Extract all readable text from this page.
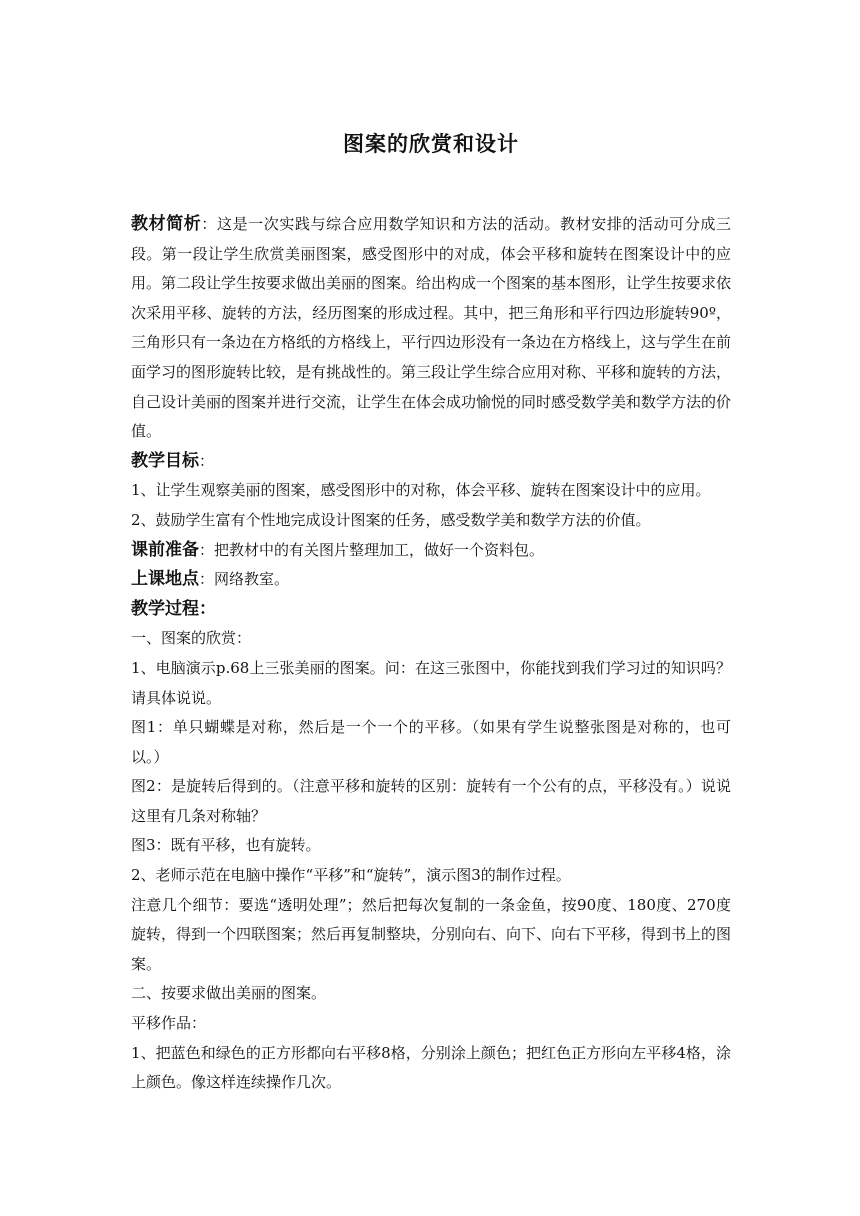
图案的欣赏和设计

教材简析：这是一次实践与综合应用数学知识和方法的活动。教材安排的活动可分成三段。第一段让学生欣赏美丽图案，感受图形中的对成，体会平移和旋转在图案设计中的应用。第二段让学生按要求做出美丽的图案。给出构成一个图案的基本图形，让学生按要求依次采用平移、旋转的方法，经历图案的形成过程。其中，把三角形和平行四边形旋转90º，三角形只有一条边在方格纸的方格线上，平行四边形没有一条边在方格线上，这与学生在前面学习的图形旋转比较，是有挑战性的。第三段让学生综合应用对称、平移和旋转的方法，自己设计美丽的图案并进行交流，让学生在体会成功愉悦的同时感受数学美和数学方法的价值。

教学目标：

1、让学生观察美丽的图案，感受图形中的对称，体会平移、旋转在图案设计中的应用。

2、鼓励学生富有个性地完成设计图案的任务，感受数学美和数学方法的价值。

课前准备：把教材中的有关图片整理加工，做好一个资料包。

上课地点：网络教室。

教学过程：

一、图案的欣赏：

1、电脑演示p.68上三张美丽的图案。问：在这三张图中，你能找到我们学习过的知识吗？请具体说说。

图1：单只蝴蝶是对称，然后是一个一个的平移。（如果有学生说整张图是对称的，也可以。）

图2：是旋转后得到的。（注意平移和旋转的区别：旋转有一个公有的点，平移没有。）说说这里有几条对称轴？

图3：既有平移，也有旋转。

2、老师示范在电脑中操作“平移”和“旋转”，演示图3的制作过程。

注意几个细节：要选“透明处理”；然后把每次复制的一条金鱼，按90度、180度、270度旋转，得到一个四联图案；然后再复制整块，分别向右、向下、向右下平移，得到书上的图案。

二、按要求做出美丽的图案。

平移作品：

1、把蓝色和绿色的正方形都向右平移8格，分别涂上颜色；把红色正方形向左平移4格，涂上颜色。像这样连续操作几次。
